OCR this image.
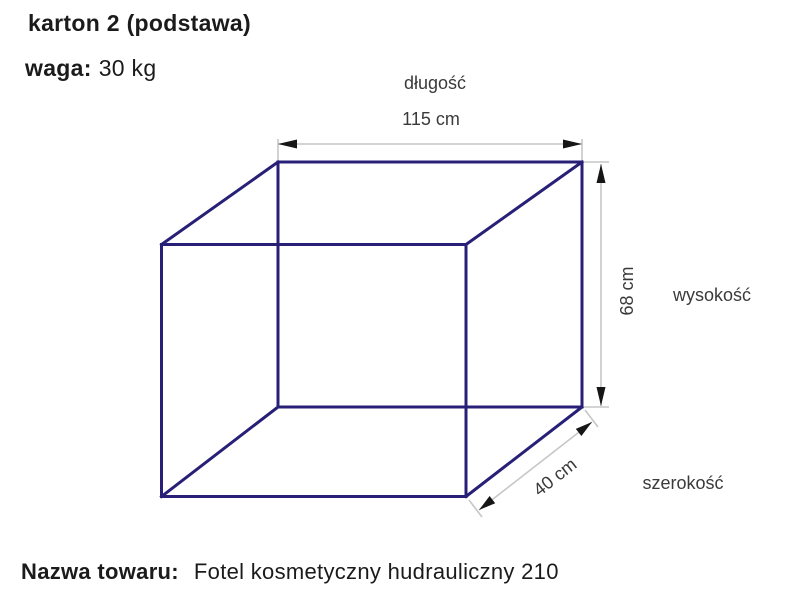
karton 2 (podstawa)
waga: 30 kg
długość
115 cm
68 cm wysokość
40 cm	szerokość
Nazwa towaru: Fotel kosmetyczny hudrauliczny 210
